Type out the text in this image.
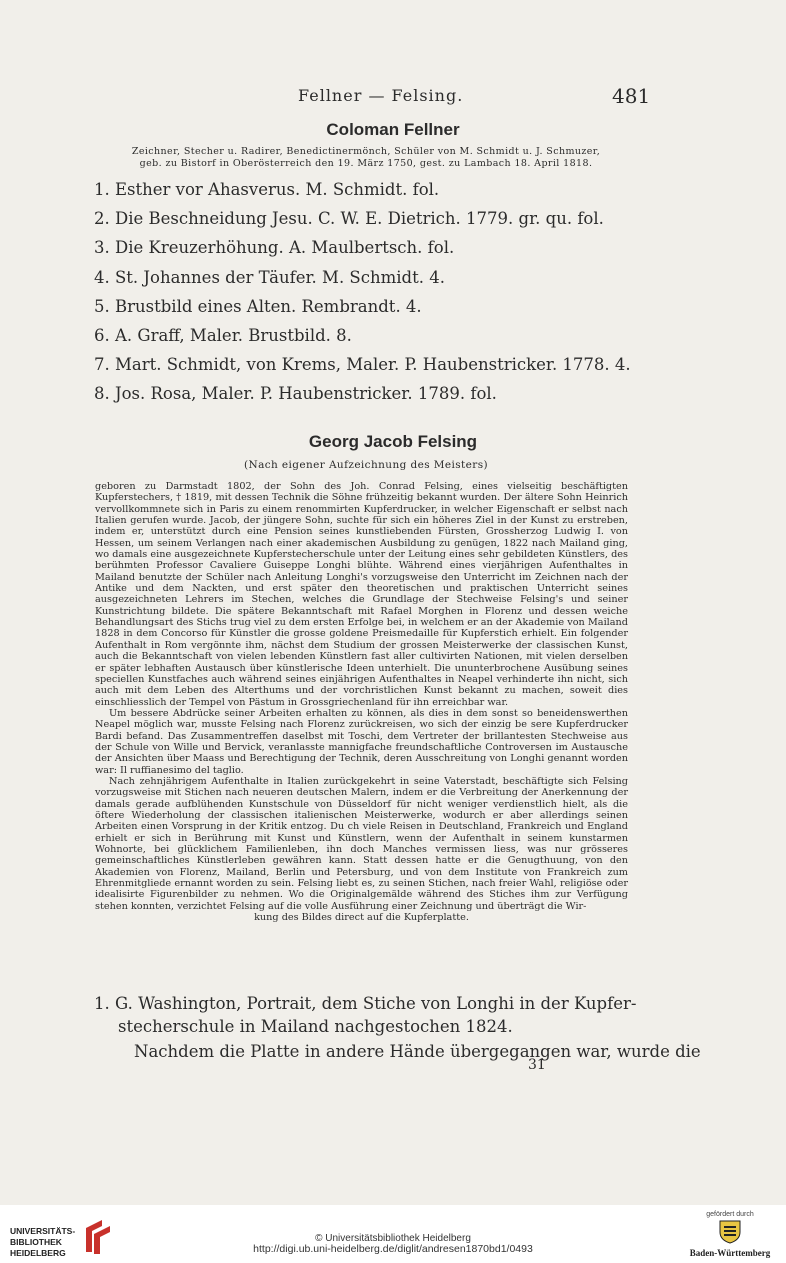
Fellner — Felsing.	481
Coloman Fellner
Zeichner, Stecher u. Radirer, Benedictinermönch, Schüler von M. Schmidt u. J. Schmuzer,
geb. zu Bistorf in Oberösterreich den 19. März 1750, gest. zu Lambach 18. April 1818.
1. Esther vor Ahasverus. M. Schmidt. fol.
2. Die Beschneidung Jesu. C. W. E. Dietrich. 1779. gr. qu. fol.
3. Die Kreuzerhöhung. A. Maulbertsch. fol.
4. St. Johannes der Täufer. M. Schmidt. 4.
5. Brustbild eines Alten. Rembrandt. 4.
6. A. Graff, Maler. Brustbild. 8.
7. Mart. Schmidt, von Krems, Maler. P. Haubenstricker. 1778. 4.
8. Jos. Rosa, Maler. P. Haubenstricker. 1789. fol.
Georg Jacob Felsing
(Nach eigener Aufzeichnung des Meisters)

geboren zu Darmstadt 1802, der Sohn des Joh. Conrad Felsing, eines vielseitig beschäftigten Kupferstechers, † 1819, mit dessen Technik die Söhne frühzeitig bekannt wurden. Der ältere Sohn Heinrich vervollkommnete sich in Paris zu einem renommirten Kupferdrucker, in welcher Eigenschaft er selbst nach Italien gerufen wurde. Jacob, der jüngere Sohn, suchte für sich ein höheres Ziel in der Kunst zu erstreben, indem er, unterstützt durch eine Pension seines kunstliebenden Fürsten, Grossherzog Ludwig I. von Hessen, um seinem Verlangen nach einer akademischen Ausbildung zu genügen, 1822 nach Mailand ging, wo damals eine ausgezeichnete Kupferstecherschule unter der Leitung eines sehr gebildeten Künstlers, des berühmten Professor Cavaliere Guiseppe Longhi blühte. Während eines vierjährigen Aufenthaltes in Mailand benutzte der Schüler nach Anleitung Longhi's vorzugsweise den Unterricht im Zeichnen nach der Antike und dem Nackten, und erst später den theoretischen und praktischen Unterricht seines ausgezeichneten Lehrers im Stechen, welches die Grundlage der Stechweise Felsing's und seiner Kunstrichtung bildete. Die spätere Bekanntschaft mit Rafael Morghen in Florenz und dessen weiche Behandlungsart des Stichs trug viel zu dem ersten Erfolge bei, in welchem er an der Akademie von Mailand 1828 in dem Concorso für Künstler die grosse goldene Preismedaille für Kupferstich erhielt. Ein folgender Aufenthalt in Rom vergönnte ihm, nächst dem Studium der grossen Meisterwerke der classischen Kunst, auch die Bekanntschaft von vielen lebenden Künstlern fast aller cultivirten Nationen, mit vielen derselben er später lebhaften Austausch über künstlerische Ideen unterhielt. Die ununterbrochene Ausübung seines speciellen Kunstfaches auch während seines einjährigen Aufenthaltes in Neapel verhinderte ihn nicht, sich auch mit dem Leben des Alterthums und der vorchristlichen Kunst bekannt zu machen, soweit dies einschliesslich der Tempel von Pästum in Grossgriechenland für ihn erreichbar war.

Um bessere Abdrücke seiner Arbeiten erhalten zu können, als dies in dem sonst so beneidenswerthen Neapel möglich war, musste Felsing nach Florenz zurückreisen, wo sich der einzig be sere Kupferdrucker Bardi befand. Das Zusammentreffen daselbst mit Toschi, dem Vertreter der brillantesten Stechweise aus der Schule von Wille und Bervick, veranlasste mannigfache freundschaftliche Controversen im Austausche der Ansichten über Maass und Berechtigung der Technik, deren Ausschreitung von Longhi genannt worden war: Il ruffianesimo del taglio.

Nach zehnjährigem Aufenthalte in Italien zurückgekehrt in seine Vaterstadt, beschäftigte sich Felsing vorzugsweise mit Stichen nach neueren deutschen Malern, indem er die Verbreitung der Anerkennung der damals gerade aufblühenden Kunstschule von Düsseldorf für nicht weniger verdienstlich hielt, als die öftere Wiederholung der classischen italienischen Meisterwerke, wodurch er aber allerdings seinen Arbeiten einen Vorsprung in der Kritik entzog. Du ch viele Reisen in Deutschland, Frankreich und England erhielt er sich in Berührung mit Kunst und Künstlern, wenn der Aufenthalt in seinem kunstarmen Wohnorte, bei glücklichem Familienleben, ihn doch Manches vermissen liess, was nur grösseres gemeinschaftliches Künstlerleben gewähren kann. Statt dessen hatte er die Genugthuung, von den Akademien von Florenz, Mailand, Berlin und Petersburg, und von dem Institute von Frankreich zum Ehrenmitgliede ernannt worden zu sein. Felsing liebt es, zu seinen Stichen, nach freier Wahl, religiöse oder idealisirte Figurenbilder zu nehmen. Wo die Originalgemälde während des Stiches ihm zur Verfügung stehen konnten, verzichtet Felsing auf die volle Ausführung einer Zeichnung und überträgt die Wir-

kung des Bildes direct auf die Kupferplatte.
1. G. Washington, Portrait, dem Stiche von Longhi in der Kupfer-
stecherschule in Mailand nachgestochen 1824.
Nachdem die Platte in andere Hände übergegangen war, wurde die
31
UNIVERSITÄTS-
BIBLIOTHEK
HEIDELBERG
© Universitätsbibliothek Heidelberg
http://digi.ub.uni-heidelberg.de/diglit/andresen1870bd1/0493
gefördert durch
Baden-Württemberg
